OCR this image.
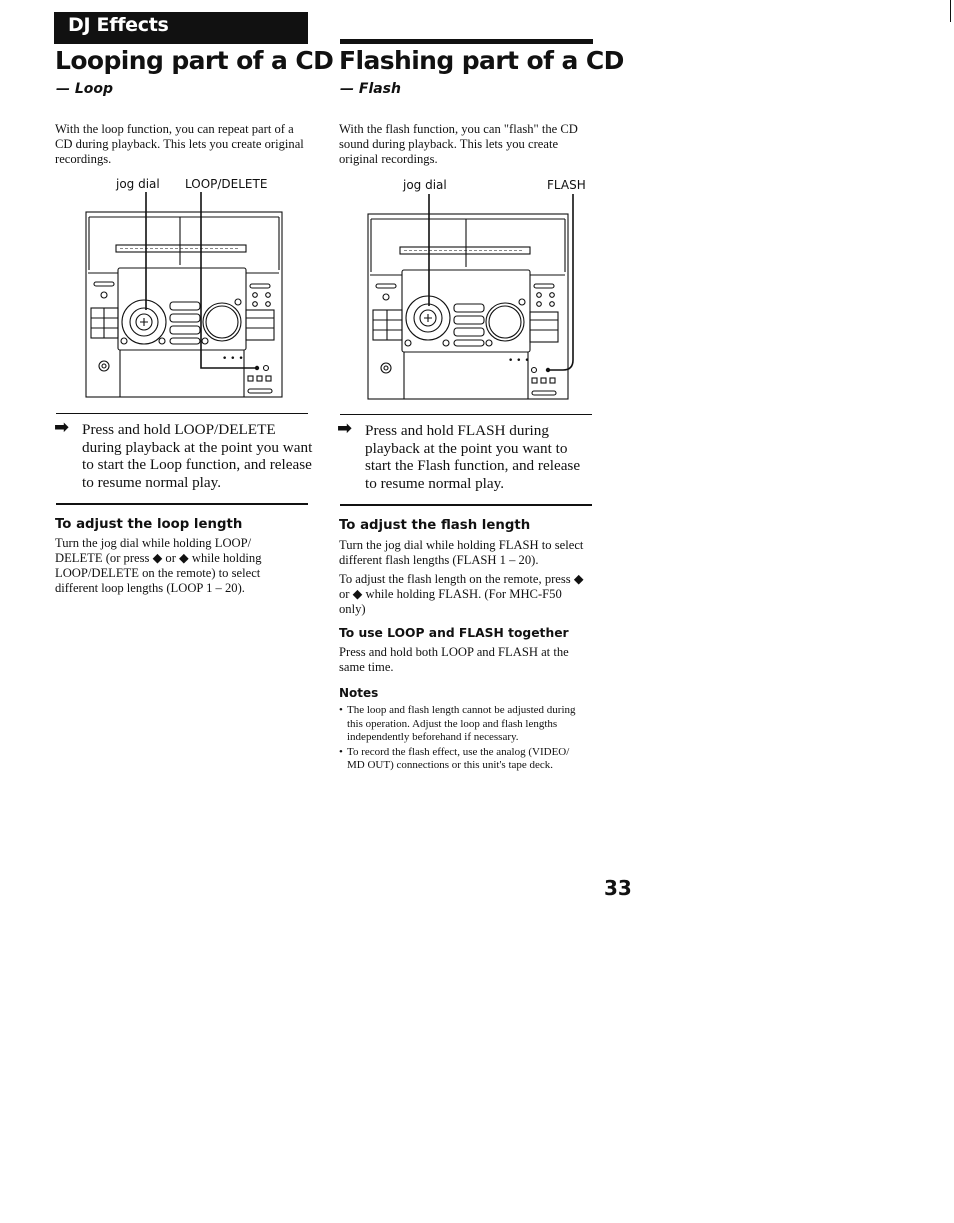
DJ Effects
Looping part of a CD
— Loop
With the loop function, you can repeat part of a CD during playback. This lets you create original recordings.
jog dial LOOP/DELETE
• • •
➡ Press and hold LOOP/DELETE during playback at the point you want to start the Loop function, and release to resume normal play.
To adjust the loop length
Turn the jog dial while holding LOOP/ DELETE (or press ◆ or ◆ while holding LOOP/DELETE on the remote) to select different loop lengths (LOOP 1 – 20).
Flashing part of a CD
— Flash
With the flash function, you can "flash" the CD sound during playback. This lets you create original recordings.
jog dial	FLASH
• • •
➡ Press and hold FLASH during playback at the point you want to start the Flash function, and release to resume normal play.
To adjust the flash length
Turn the jog dial while holding FLASH to select different flash lengths (FLASH 1 – 20).
To adjust the flash length on the remote, press ◆ or ◆ while holding FLASH. (For MHC-F50 only)
To use LOOP and FLASH together
Press and hold both LOOP and FLASH at the same time.
Notes
• The loop and flash length cannot be adjusted during this operation. Adjust the loop and flash lengths independently beforehand if necessary.
• To record the flash effect, use the analog (VIDEO/ MD OUT) connections or this unit's tape deck.
33
